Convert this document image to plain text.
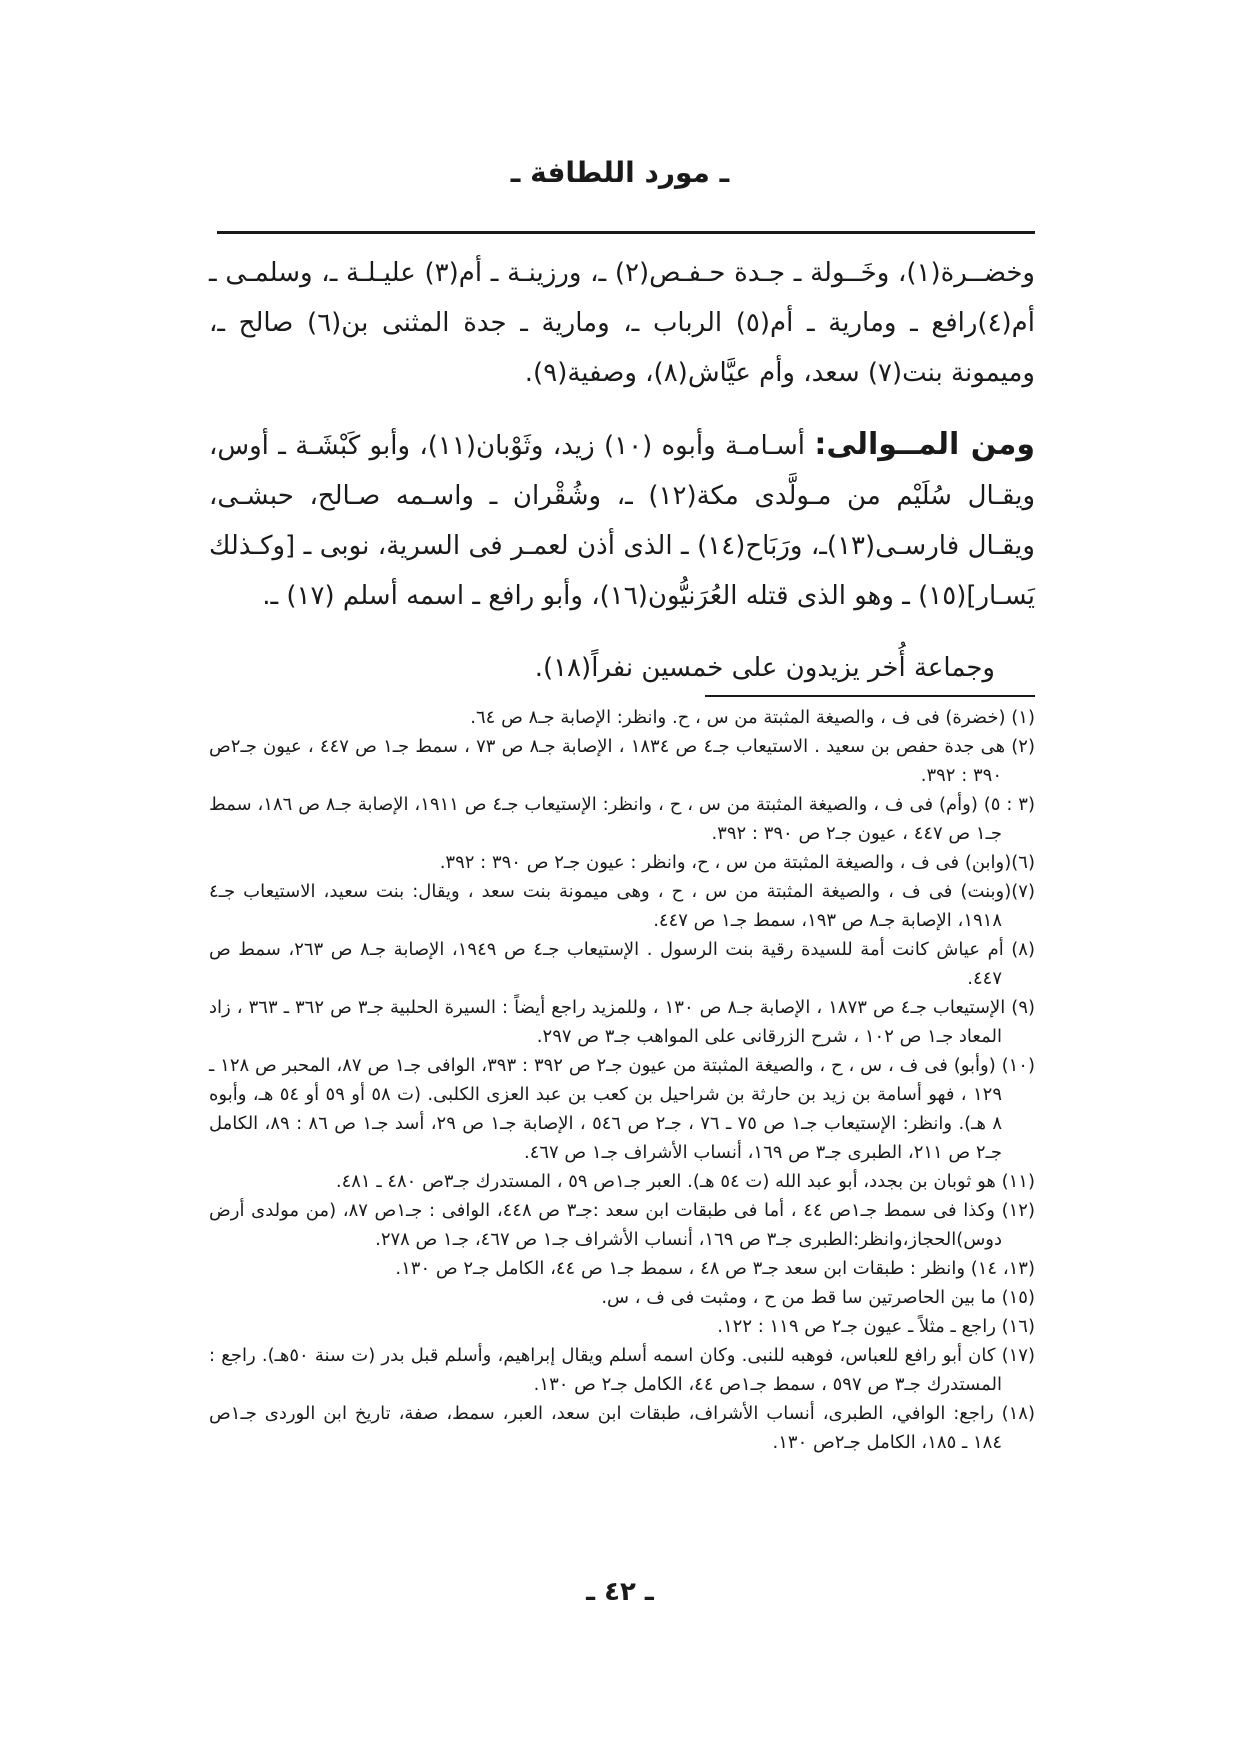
ـ مورد اللطافة ـ

وخضــرة(١)، وخَــولة ـ جـدة حـفـص(٢) ـ، ورزينـة ـ أم(٣) عليـلـة ـ، وسلمـى ـ أم(٤)رافع ـ ومارية ـ أم(٥) الرباب ـ، ومارية ـ جدة المثنى بن(٦) صالح ـ، وميمونة بنت(٧) سعد، وأم عيَّاش(٨)، وصفية(٩).

ومن المــوالى: أسـامـة وأبوه (١٠) زيد، وثَوْبان(١١)، وأبو كَبْشَـة ـ أوس، ويقـال سُلَيْم من مـولَّدى مكة(١٢) ـ، وشُقْران ـ واسـمه صـالح، حبشـى، ويقـال فارسـى(١٣)ـ، ورَبَاح(١٤) ـ الذى أذن لعمـر فى السرية، نوبى ـ [وكـذلك يَسـار](١٥) ـ وهو الذى قتله العُرَنيُّون(١٦)، وأبو رافع ـ اسمه أسلم (١٧) ـ.

وجماعة أُخر يزيدون على خمسين نفراً(١٨).

(١) (خضرة) فى ف ، والصيغة المثبتة من س ، ح. وانظر: الإصابة جـ٨ ص ٦٤.

(٢) هى جدة حفص بن سعيد . الاستيعاب جـ٤ ص ١٨٣٤ ، الإصابة جـ٨ ص ٧٣ ، سمط جـ١ ص ٤٤٧ ، عيون جـ٢ص ٣٩٠ : ٣٩٢.

(٣ : ٥) (وأم) فى ف ، والصيغة المثبتة من س ، ح ، وانظر: الإستيعاب جـ٤ ص ١٩١١، الإصابة جـ٨ ص ١٨٦، سمط جـ١ ص ٤٤٧ ، عيون جـ٢ ص ٣٩٠ : ٣٩٢.

(٦)(وابن) فى ف ، والصيغة المثبتة من س ، ح، وانظر : عيون جـ٢ ص ٣٩٠ : ٣٩٢.

(٧)(وبنت) فى ف ، والصيغة المثبتة من س ، ح ، وهى ميمونة بنت سعد ، ويقال: بنت سعيد، الاستيعاب جـ٤ ١٩١٨، الإصابة جـ٨ ص ١٩٣، سمط جـ١ ص ٤٤٧.

(٨) أم عياش كانت أمة للسيدة رقية بنت الرسول . الإستيعاب جـ٤ ص ١٩٤٩، الإصابة جـ٨ ص ٢٦٣، سمط ص ٤٤٧.

(٩) الإستيعاب جـ٤ ص ١٨٧٣ ، الإصابة جـ٨ ص ١٣٠ ، وللمزيد راجع أيضاً : السيرة الحلبية جـ٣ ص ٣٦٢ ـ ٣٦٣ ، زاد المعاد جـ١ ص ١٠٢ ، شرح الزرقانى على المواهب جـ٣ ص ٢٩٧.

(١٠) (وأبو) فى ف ، س ، ح ، والصيغة المثبتة من عيون جـ٢ ص ٣٩٢ : ٣٩٣، الوافى جـ١ ص ٨٧، المحبر ص ١٢٨ ـ ١٢٩ ، فهو أسامة بن زيد بن حارثة بن شراحيل بن كعب بن عبد العزى الكلبى. (ت ٥٨ أو ٥٩ أو ٥٤ هـ، وأبوه ٨ هـ). وانظر: الإستيعاب جـ١ ص ٧٥ ـ ٧٦ ، جـ٢ ص ٥٤٦ ، الإصابة جـ١ ص ٢٩، أسد جـ١ ص ٨٦ : ٨٩، الكامل جـ٢ ص ٢١١، الطبرى جـ٣ ص ١٦٩، أنساب الأشراف جـ١ ص ٤٦٧.

(١١) هو ثوبان بن بجدد، أبو عبد الله (ت ٥٤ هـ). العبر جـ١ص ٥٩ ، المستدرك جـ٣ص ٤٨٠ ـ ٤٨١.

(١٢) وكذا فى سمط جـ١ص ٤٤ ، أما فى طبقات ابن سعد :جـ٣ ص ٤٤٨، الوافى : جـ١ص ٨٧، (من مولدى أرض دوس)الحجاز،وانظر:الطبرى جـ٣ ص ١٦٩، أنساب الأشراف جـ١ ص ٤٦٧، جـ١ ص ٢٧٨.

(١٣، ١٤) وانظر : طبقات ابن سعد جـ٣ ص ٤٨ ، سمط جـ١ ص ٤٤، الكامل جـ٢ ص ١٣٠.

(١٥) ما بين الحاصرتين سا قط من ح ، ومثبت فى ف ، س.

(١٦) راجع ـ مثلاً ـ عيون جـ٢ ص ١١٩ : ١٢٢.

(١٧) كان أبو رافع للعباس، فوهبه للنبى. وكان اسمه أسلم ويقال إبراهيم، وأسلم قبل بدر (ت سنة ٥٠هـ). راجع : المستدرك جـ٣ ص ٥٩٧ ، سمط جـ١ص ٤٤، الكامل جـ٢ ص ١٣٠.

(١٨) راجع: الوافي، الطبرى، أنساب الأشراف، طبقات ابن سعد، العبر، سمط، صفة، تاريخ ابن الوردى جـ١ص ١٨٤ ـ ١٨٥، الكامل جـ٢ص ١٣٠.

ـ ٤٢ ـ
